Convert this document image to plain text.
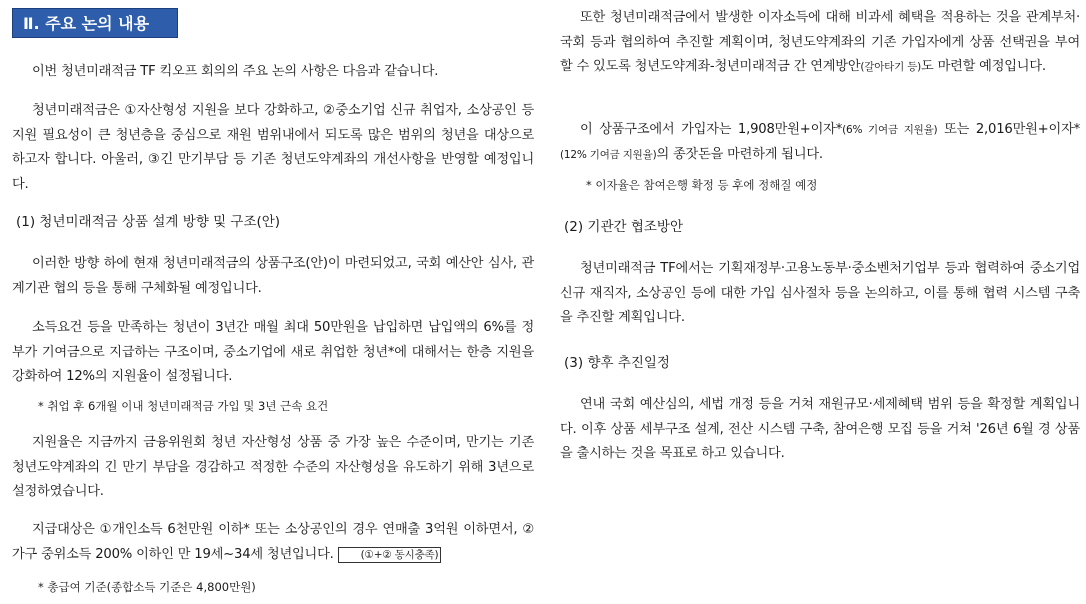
Ⅱ. 주요 논의 내용
이번 청년미래적금 TF 킥오프 회의의 주요 논의 사항은 다음과 같습니다.
청년미래적금은 ①자산형성 지원을 보다 강화하고, ②중소기업 신규 취업자, 소상공인 등 지원 필요성이 큰 청년층을 중심으로 재원 범위내에서 되도록 많은 범위의 청년을 대상으로 하고자 합니다. 아울러, ③긴 만기부담 등 기존 청년도약계좌의 개선사항을 반영할 예정입니다.
(1) 청년미래적금 상품 설계 방향 및 구조(안)
이러한 방향 하에 현재 청년미래적금의 상품구조(안)이 마련되었고, 국회 예산안 심사, 관계기관 협의 등을 통해 구체화될 예정입니다.
소득요건 등을 만족하는 청년이 3년간 매월 최대 50만원을 납입하면 납입액의 6%를 정부가 기여금으로 지급하는 구조이며, 중소기업에 새로 취업한 청년*에 대해서는 한층 지원을 강화하여 12%의 지원율이 설정됩니다.
* 취업 후 6개월 이내 청년미래적금 가입 및 3년 근속 요건
지원율은 지금까지 금융위원회 청년 자산형성 상품 중 가장 높은 수준이며, 만기는 기존 청년도약계좌의 긴 만기 부담을 경감하고 적정한 수준의 자산형성을 유도하기 위해 3년으로 설정하였습니다.
지급대상은 ①개인소득 6천만원 이하* 또는 소상공인의 경우 연매출 3억원 이하면서, ②가구 중위소득 200% 이하인 만 19세~34세 청년입니다.	(①+② 동시충족)
* 총급여 기준(종합소득 기준은 4,800만원)
또한 청년미래적금에서 발생한 이자소득에 대해 비과세 혜택을 적용하는 것을 관계부처·국회 등과 협의하여 추진할 계획이며, 청년도약계좌의 기존 가입자에게 상품 선택권을 부여할 수 있도록 청년도약계좌-청년미래적금 간 연계방안(갈아타기 등)도 마련할 예정입니다.
이 상품구조에서 가입자는 1,908만원+이자*(6% 기여금 지원율) 또는 2,016만원+이자*(12% 기여금 지원율)의 종잣돈을 마련하게 됩니다.
* 이자율은 참여은행 확정 등 후에 정해질 예정
(2) 기관간 협조방안
청년미래적금 TF에서는 기획재정부·고용노동부·중소벤처기업부 등과 협력하여 중소기업 신규 재직자, 소상공인 등에 대한 가입 심사절차 등을 논의하고, 이를 통해 협력 시스템 구축을 추진할 계획입니다.
(3) 향후 추진일정
연내 국회 예산심의, 세법 개정 등을 거쳐 재원규모·세제혜택 범위 등을 확정할 계획입니다. 이후 상품 세부구조 설계, 전산 시스템 구축, 참여은행 모집 등을 거쳐 '26년 6월 경 상품을 출시하는 것을 목표로 하고 있습니다.
